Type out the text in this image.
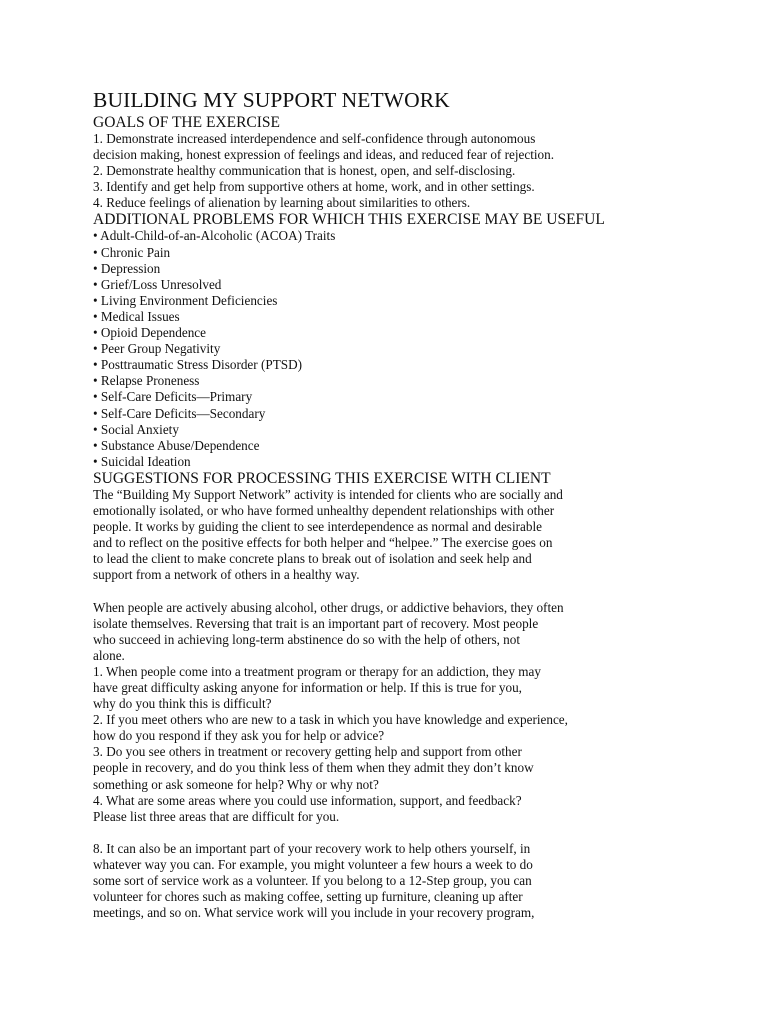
BUILDING MY SUPPORT NETWORK
GOALS OF THE EXERCISE

1. Demonstrate increased interdependence and self-confidence through autonomous

decision making, honest expression of feelings and ideas, and reduced fear of rejection.

2. Demonstrate healthy communication that is honest, open, and self-disclosing.

3. Identify and get help from supportive others at home, work, and in other settings.

4. Reduce feelings of alienation by learning about similarities to others.

ADDITIONAL PROBLEMS FOR WHICH THIS EXERCISE MAY BE USEFUL

• Adult-Child-of-an-Alcoholic (ACOA) Traits

• Chronic Pain

• Depression

• Grief/Loss Unresolved

• Living Environment Deficiencies

• Medical Issues

• Opioid Dependence

• Peer Group Negativity

• Posttraumatic Stress Disorder (PTSD)

• Relapse Proneness

• Self-Care Deficits—Primary

• Self-Care Deficits—Secondary

• Social Anxiety

• Substance Abuse/Dependence

• Suicidal Ideation

SUGGESTIONS FOR PROCESSING THIS EXERCISE WITH CLIENT

The “Building My Support Network” activity is intended for clients who are socially and

emotionally isolated, or who have formed unhealthy dependent relationships with other

people. It works by guiding the client to see interdependence as normal and desirable

and to reflect on the positive effects for both helper and “helpee.” The exercise goes on

to lead the client to make concrete plans to break out of isolation and seek help and

support from a network of others in a healthy way.

When people are actively abusing alcohol, other drugs, or addictive behaviors, they often

isolate themselves. Reversing that trait is an important part of recovery. Most people

who succeed in achieving long-term abstinence do so with the help of others, not

alone.

1. When people come into a treatment program or therapy for an addiction, they may

have great difficulty asking anyone for information or help. If this is true for you,

why do you think this is difficult?

2. If you meet others who are new to a task in which you have knowledge and experience,

how do you respond if they ask you for help or advice?

3. Do you see others in treatment or recovery getting help and support from other

people in recovery, and do you think less of them when they admit they don’t know

something or ask someone for help? Why or why not?

4. What are some areas where you could use information, support, and feedback?

Please list three areas that are difficult for you.

8. It can also be an important part of your recovery work to help others yourself, in

whatever way you can. For example, you might volunteer a few hours a week to do

some sort of service work as a volunteer. If you belong to a 12-Step group, you can

volunteer for chores such as making coffee, setting up furniture, cleaning up after

meetings, and so on. What service work will you include in your recovery program,
